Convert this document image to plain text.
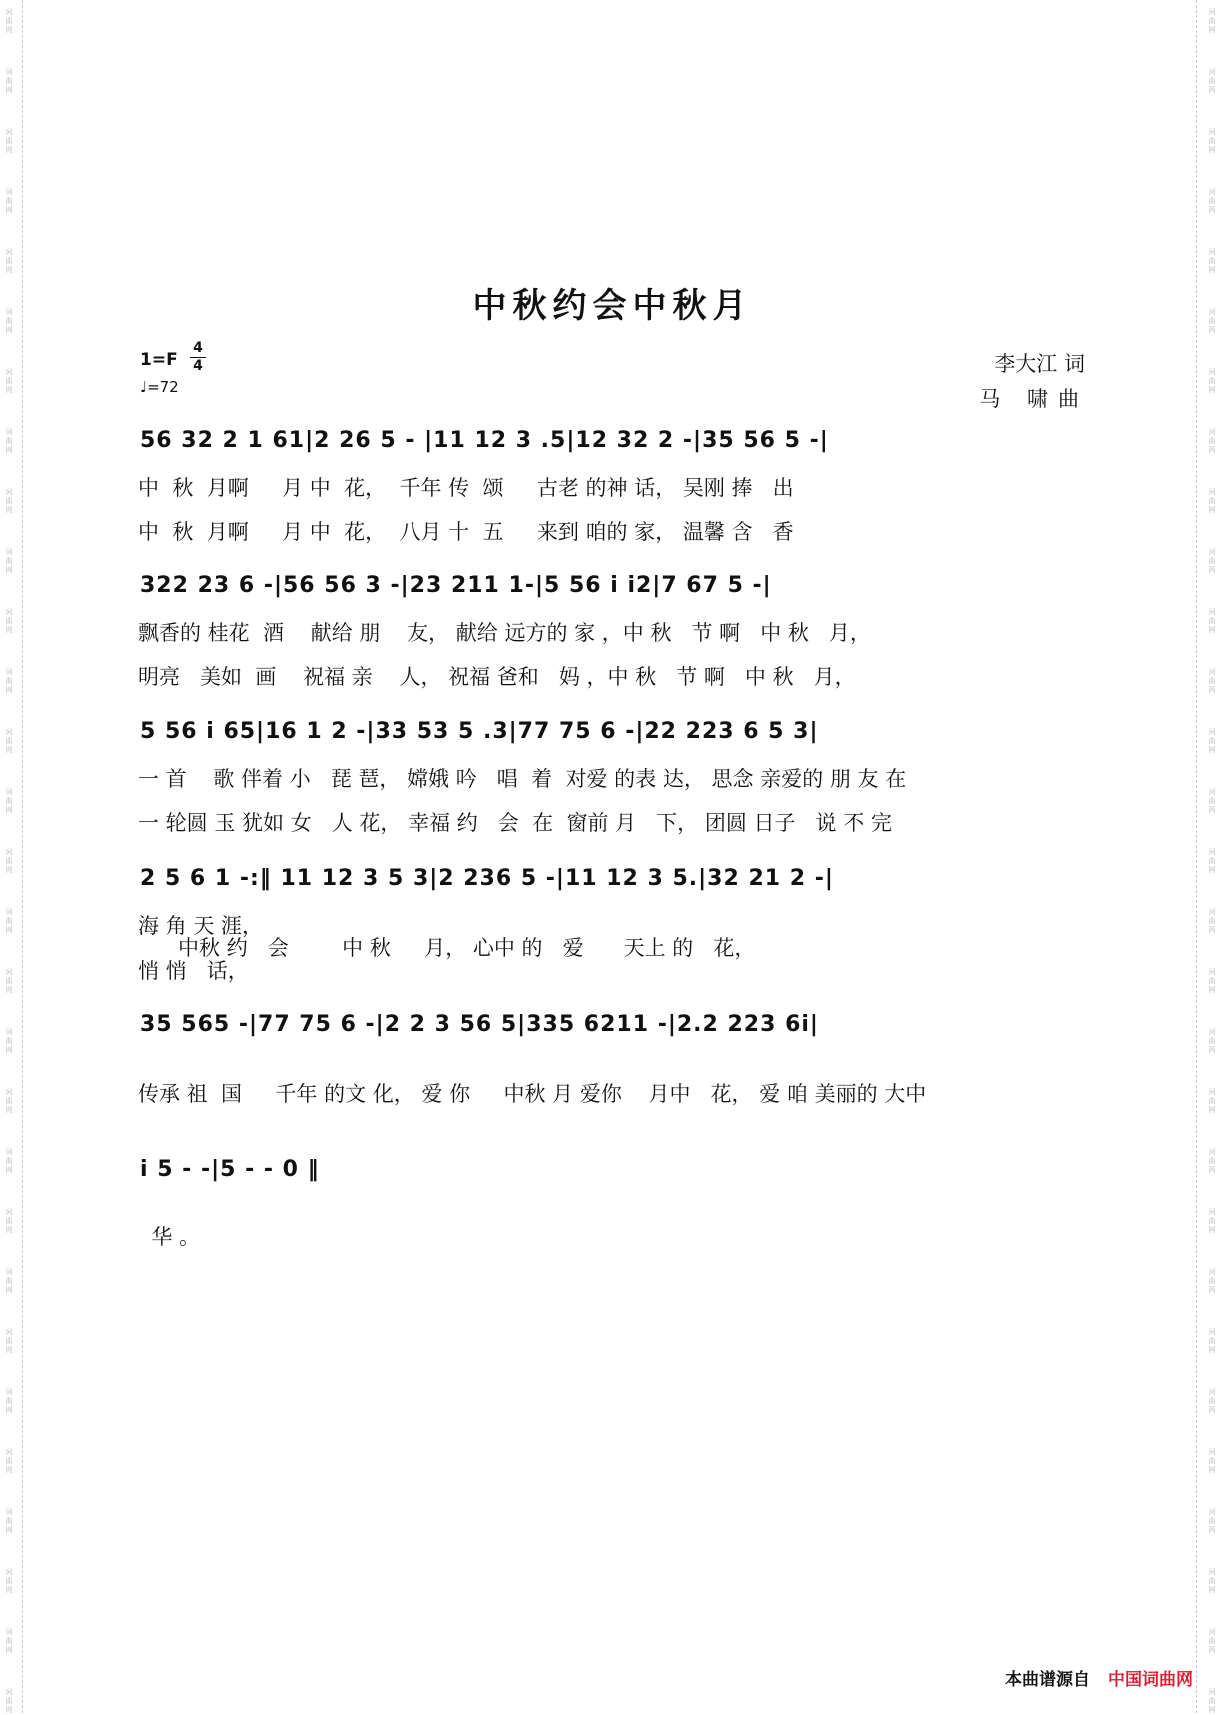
词
曲
网
词
曲
网
词
曲
网
词
曲
网
词
曲
网
词
曲
网
词
曲
网
词
曲
网
词
曲
网
词
曲
网
词
曲
网
词
曲
网
词
曲
网
词
曲
网
词
曲
网
词
曲
网
词
曲
网
词
曲
网
词
曲
网
词
曲
网
词
曲
网
词
曲
网
词
曲
网
词
曲
网
词
曲
网
词
曲
网
词
曲
网
词
曲
网
词
曲
网
词
曲
网
词
曲
网
词
曲
网
词
曲
网
词
曲
网
词
曲
网
词
曲
网
词
曲
网
词
曲
网
词
曲
网
词
曲
网
词
曲
网
词
曲
网
词
曲
网
词
曲
网
词
曲
网
词
曲
网
词
曲
网
词
曲
网
词
曲
网
词
曲
网
词
曲
网
词
曲
网
词
曲
网
词
曲
网
词
曲
网
词
曲
网
词
曲
网
词
曲
网
中秋约会中秋月
1=F
4
4
♩=72
李大江 词
马 啸曲
56 32 2 1 61|2 26 5 - |11 12 3 .5|12 32 2 -|35 56 5 -|
中  秋  月啊     月 中  花，  千年 传  颂     古老 的神 话， 吴刚 捧   出
中  秋  月啊     月 中  花，  八月 十  五     来到 咱的 家， 温馨 含   香
322 23 6 -|56 56 3 -|23 211 1-|5 56 i i2|7 67 5 -|
飘香的 桂花  酒    献给 朋    友， 献给 远方的 家 ，中 秋   节 啊   中 秋   月，
明亮   美如  画    祝福 亲    人， 祝福 爸和   妈 ，中 秋   节 啊   中 秋   月，
5 56 i 65|16 1 2 -|33 53 5 .3|77 75 6 -|22 223 6 5 3|
一 首    歌 伴着 小   琵 琶， 嫦娥 吟   唱  着  对爱 的表 达， 思念 亲爱的 朋 友 在
一 轮圆 玉 犹如 女   人 花， 幸福 约   会  在  窗前 月   下， 团圆 日子   说 不 完
2 5 6 1 -:‖ 11 12 3 5 3|2 236 5 -|11 12 3 5.|32 21 2 -|
海 角 天 涯，
中秋 约   会        中 秋     月， 心中 的   爱      天上 的   花，
悄 悄   话，
35 565 -|77 75 6 -|2 2 3 56 5|335 6211 -|2.2 223 6i|
传承 祖  国     千年 的文 化， 爱 你     中秋 月 爱你    月中   花， 爱 咱 美丽的 大中
i 5 - -|5 - - 0 ‖
华 。
本曲谱源自 中国词曲网
